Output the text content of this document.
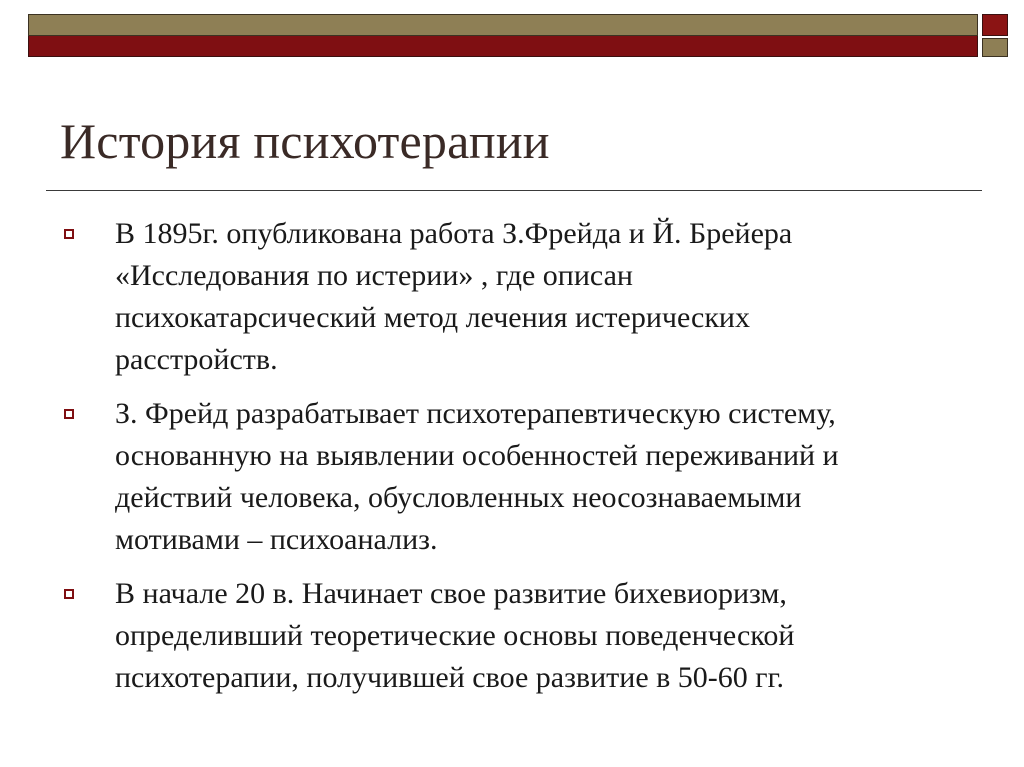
История психотерапии
В 1895г. опубликована работа З.Фрейда и Й. Брейера
«Исследования по истерии» , где описан
психокатарсический метод лечения истерических
расстройств.
З. Фрейд разрабатывает психотерапевтическую систему,
основанную на выявлении особенностей переживаний и
действий человека, обусловленных неосознаваемыми
мотивами – психоанализ.
В начале 20 в. Начинает свое развитие бихевиоризм,
определивший теоретические основы поведенческой
психотерапии, получившей свое развитие в 50-60 гг.
